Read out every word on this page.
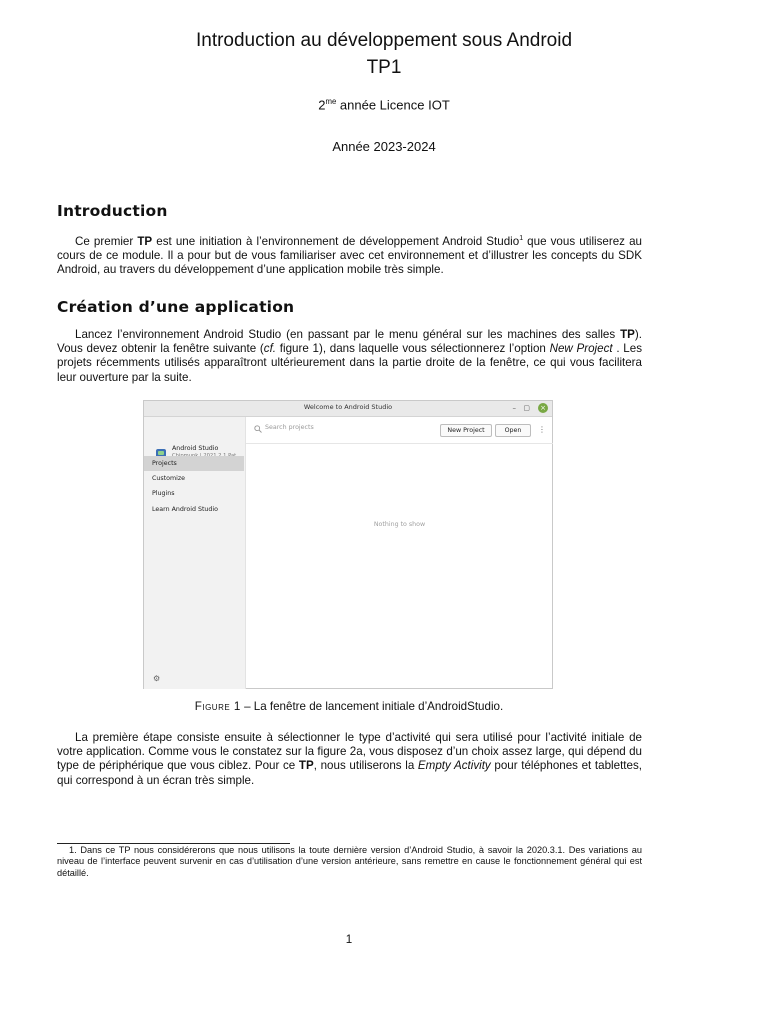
Introduction au développement sous Android
TP1
$2^{me}$ année Licence IOT
Année 2023-2024
Introduction

Ce premier TP est une initiation à l’environnement de développement Android Studio$^1$ que vous utiliserez au cours de ce module. Il a pour but de vous familiariser avec cet environnement et d’illustrer les concepts du SDK Android, au travers du développement d’une application mobile très simple.

Création d’une application

Lancez l’environnement Android Studio (en passant par le menu général sur les machines des salles TP). Vous devez obtenir la fenêtre suivante (cf. figure 1), dans laquelle vous sélectionnerez l’option New Project . Les projets récemments utilisés apparaîtront ultérieurement dans la partie droite de la fenêtre, ce qui vous facilitera leur ouverture par la suite.

Welcome to Android Studio	– ▢ ×
Android Studio
Projects
Customize
Plugins
Learn Android Studio
⚙
Search projects
New Project	Open	⋮
Nothing to show
Figure 1 – La fenêtre de lancement initiale d’AndroidStudio.

La première étape consiste ensuite à sélectionner le type d’activité qui sera utilisé pour l’activité initiale de votre application. Comme vous le constatez sur la figure 2a, vous disposez d’un choix assez large, qui dépend du type de périphérique que vous ciblez. Pour ce TP, nous utiliserons la Empty Activity pour téléphones et tablettes, qui correspond à un écran très simple.

1. Dans ce TP nous considérerons que nous utilisons la toute dernière version d’Android Studio, à savoir la 2020.3.1. Des variations au niveau de l’interface peuvent survenir en cas d’utilisation d’une version antérieure, sans remettre en cause le fonctionnement général qui est détaillé.

1
